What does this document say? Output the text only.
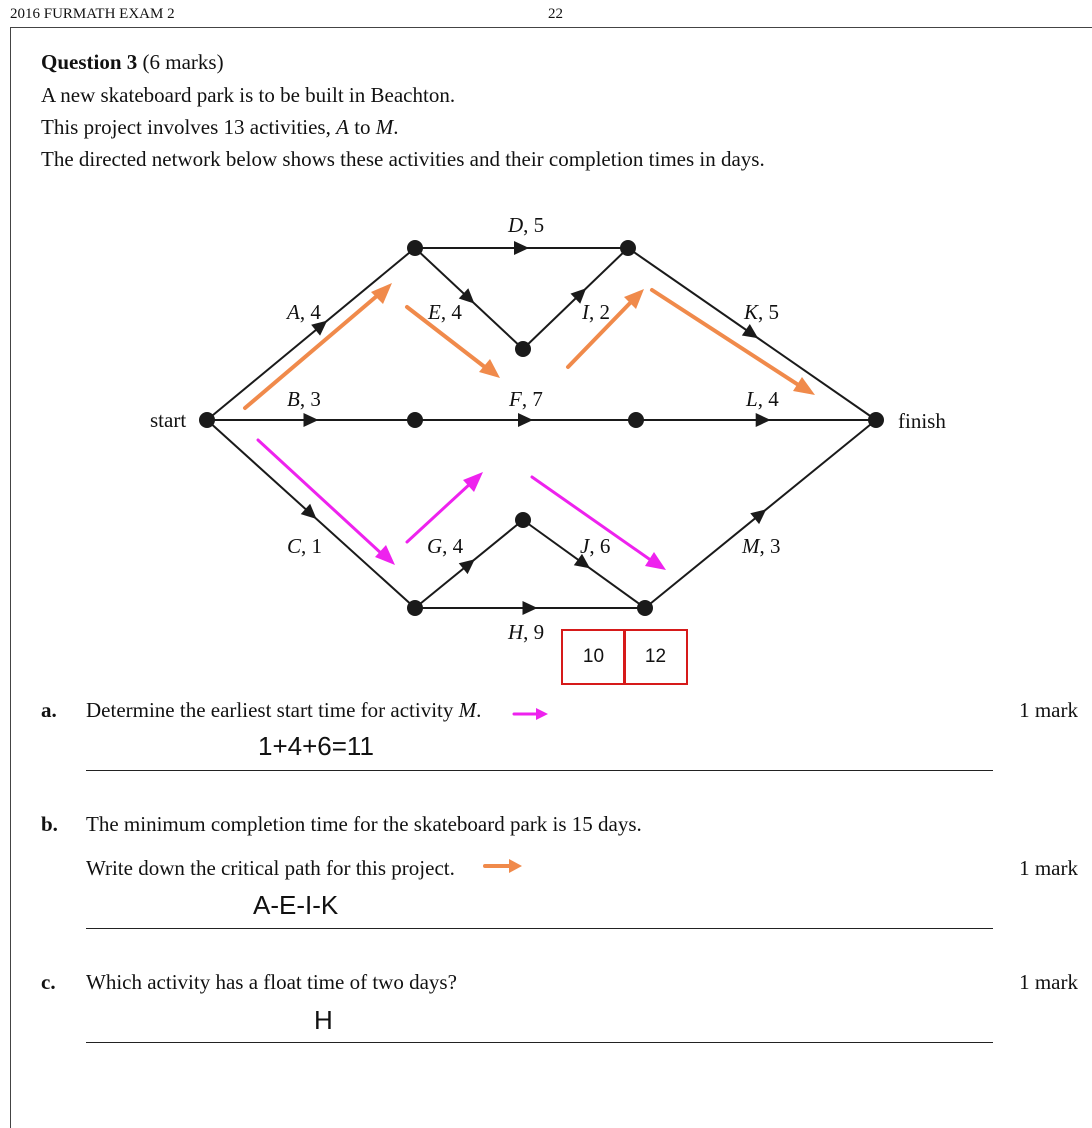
2016 FURMATH EXAM 2	22
Question 3 (6 marks)
A new skateboard park is to be built in Beachton.
This project involves 13 activities, A to M.
The directed network below shows these activities and their completion times in days.
start	finish
D, 5
A, 4	E, 4	I, 2	K, 5
B, 3	F, 7	L, 4
C, 1	G, 4	J, 6	M, 3
H, 9
10	12
a. Determine the earliest start time for activity M.	1 mark
1+4+6=11
b. The minimum completion time for the skateboard park is 15 days.
Write down the critical path for this project.	1 mark
A-E-I-K
c. Which activity has a float time of two days?	1 mark
H
